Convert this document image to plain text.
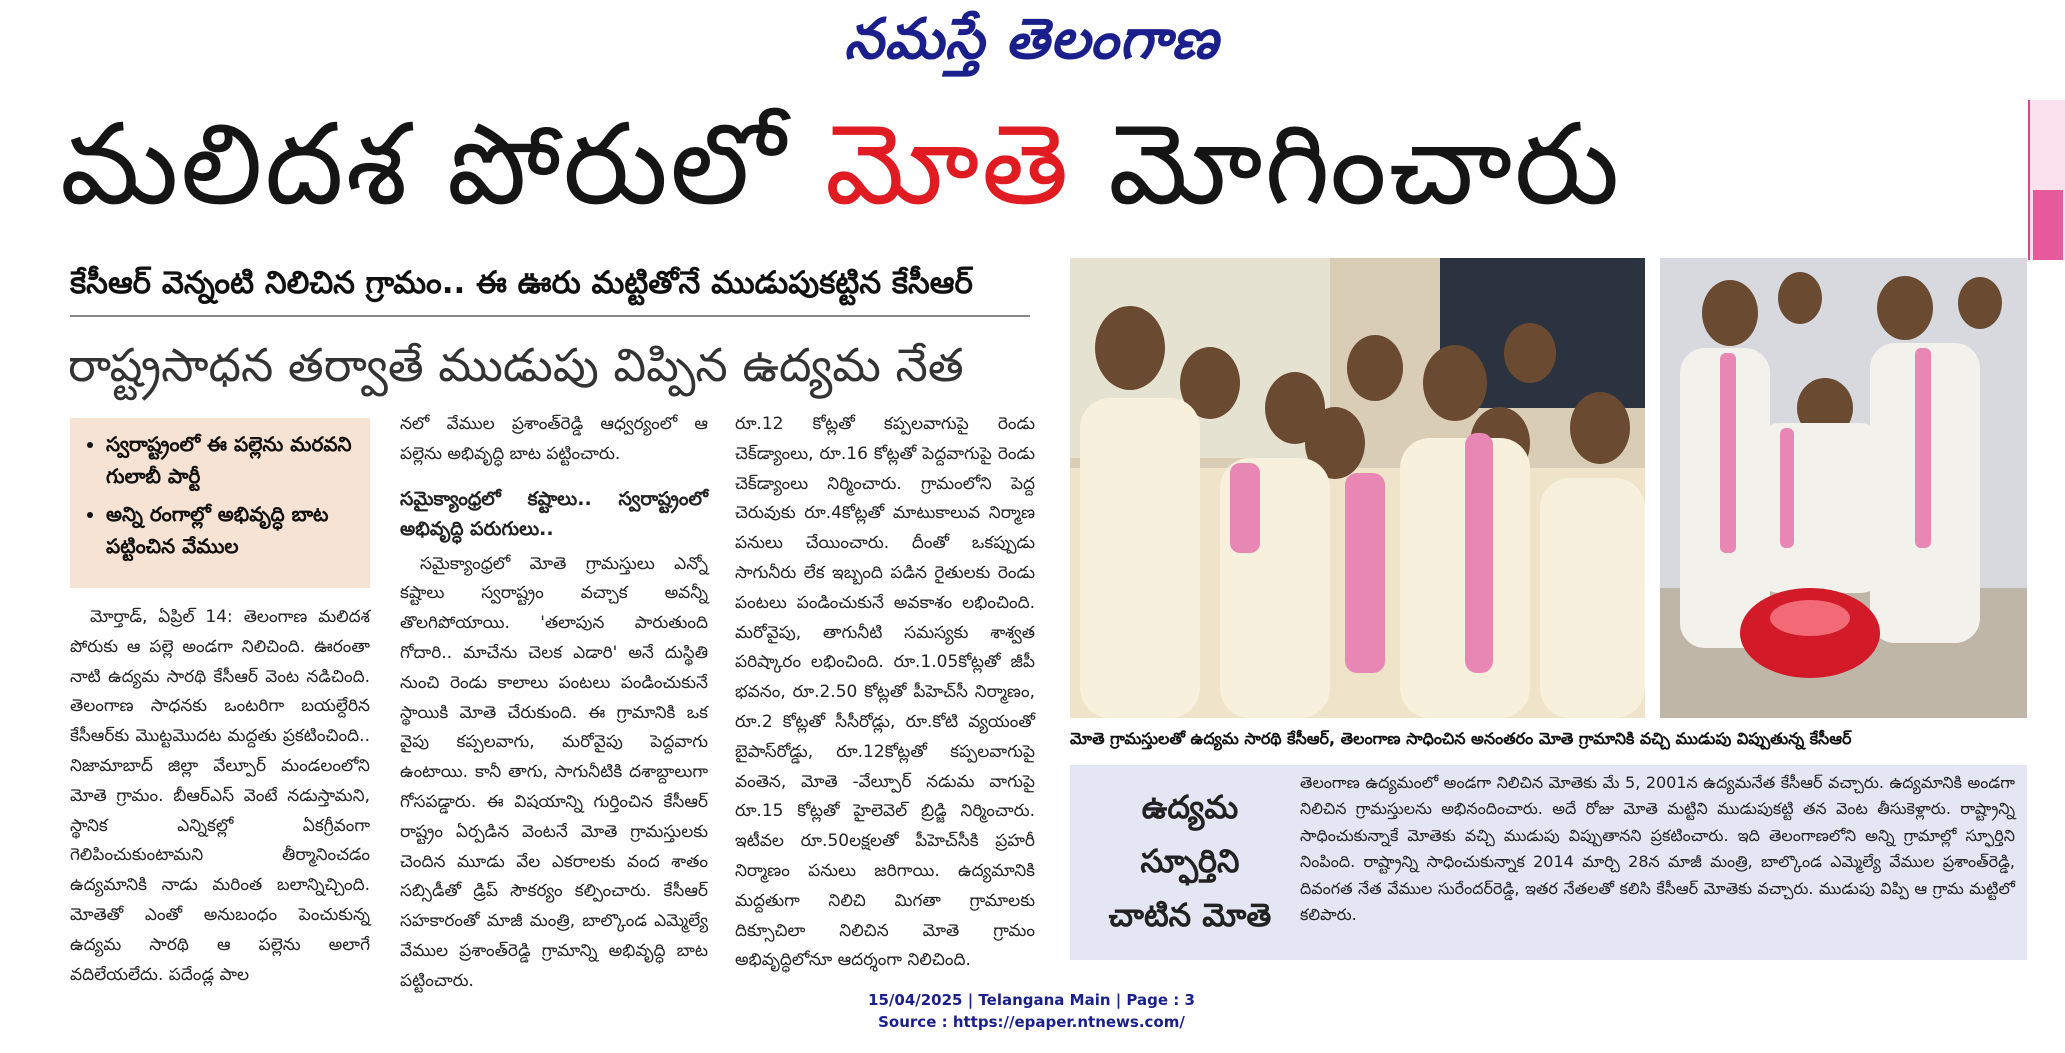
నమస్తే తెలంగాణ
మలిదశ పోరులో మోతె మోగించారు
కేసీఆర్ వెన్నంటి నిలిచిన గ్రామం.. ఈ ఊరు మట్టితోనే ముడుపుకట్టిన కేసీఆర్
రాష్ట్రసాధన తర్వాతే ముడుపు విప్పిన ఉద్యమ నేత
• స్వరాష్ట్రంలో ఈ పల్లెను మరవని గులాబీ పార్టీ
• అన్ని రంగాల్లో అభివృద్ధి బాట పట్టించిన వేముల

మోర్తాడ్, ఏప్రిల్ 14: తెలంగాణ మలిదశ పోరుకు ఆ పల్లె అండగా నిలిచింది. ఊరంతా నాటి ఉద్యమ సారథి కేసీఆర్ వెంట నడిచింది. తెలంగాణ సాధనకు ఒంటరిగా బయల్దేరిన కేసీఆర్‌కు మొట్టమొదట మద్దతు ప్రకటించింది.. నిజామాబాద్ జిల్లా వేల్పూర్ మండలంలోని మోతె గ్రామం. బీఆర్ఎస్ వెంటే నడుస్తామని, స్థానిక ఎన్నికల్లో ఏకగ్రీవంగా గెలిపించుకుంటామని తీర్మానించడం ఉద్యమానికి నాడు మరింత బలాన్నిచ్చింది. మోతెతో ఎంతో అనుబంధం పెంచుకున్న ఉద్యమ సారథి ఆ పల్లెను అలాగే వదిలేయలేదు. పదేండ్ల పాల

నలో వేముల ప్రశాంత్‌రెడ్డి ఆధ్వర్యంలో ఆ పల్లెను అభివృద్ధి బాట పట్టించారు.

సమైక్యాంధ్రలో కష్టాలు.. స్వరాష్ట్రంలో అభివృద్ధి పరుగులు..

సమైక్యాంధ్రలో మోతె గ్రామస్తులు ఎన్నో కష్టాలు స్వరాష్ట్రం వచ్చాక అవన్నీ తొలగిపోయాయి. 'తలాపున పారుతుంది గోదారి.. మాచేను చెలక ఎడారి' అనే దుస్థితి నుంచి రెండు కాలాలు పంటలు పండించుకునే స్థాయికి మోతె చేరుకుంది. ఈ గ్రామానికి ఒక వైపు కప్పలవాగు, మరోవైపు పెద్దవాగు ఉంటాయి. కానీ తాగు, సాగునీటికి దశాబ్దాలుగా గోసపడ్డారు. ఈ విషయాన్ని గుర్తించిన కేసీఆర్ రాష్ట్రం ఏర్పడిన వెంటనే మోతె గ్రామస్తులకు చెందిన మూడు వేల ఎకరాలకు వంద శాతం సబ్సిడీతో డ్రిప్ సౌకర్యం కల్పించారు. కేసీఆర్ సహకారంతో మాజీ మంత్రి, బాల్కొండ ఎమ్మెల్యే వేముల ప్రశాంత్‌రెడ్డి గ్రామాన్ని అభివృద్ధి బాట పట్టించారు.

రూ.12 కోట్లతో కప్పలవాగుపై రెండు చెక్‌డ్యాంలు, రూ.16 కోట్లతో పెద్దవాగుపై రెండు చెక్‌డ్యాంలు నిర్మించారు. గ్రామంలోని పెద్ద చెరువుకు రూ.4కోట్లతో మాటుకాలువ నిర్మాణ పనులు చేయించారు. దీంతో ఒకప్పుడు సాగునీరు లేక ఇబ్బంది పడిన రైతులకు రెండు పంటలు పండించుకునే అవకాశం లభించింది. మరోవైపు, తాగునీటి సమస్యకు శాశ్వత పరిష్కారం లభించింది. రూ.1.05కోట్లతో జీపీ భవనం, రూ.2.50 కోట్లతో పీహెచ్‌సీ నిర్మాణం, రూ.2 కోట్లతో సీసీరోడ్లు, రూ.కోటి వ్యయంతో బైపాస్‌రోడ్డు, రూ.12కోట్లతో కప్పలవాగుపై వంతెన, మోతె -వేల్పూర్ నడుమ వాగుపై రూ.15 కోట్లతో హైలెవెల్ బ్రిడ్జి నిర్మించారు. ఇటీవల రూ.50లక్షలతో పీహెచ్‌సీకి ప్రహరీ నిర్మాణం పనులు జరిగాయి. ఉద్యమానికి మద్దతుగా నిలిచి మిగతా గ్రామాలకు దిక్సూచిలా నిలిచిన మోతె గ్రామం అభివృద్ధిలోనూ ఆదర్శంగా నిలిచింది.

మోతె గ్రామస్తులతో ఉద్యమ సారథి కేసీఆర్, తెలంగాణ సాధించిన అనంతరం మోతె గ్రామానికి వచ్చి ముడుపు విప్పుతున్న కేసీఆర్
ఉద్యమ
స్ఫూర్తిని
చాటిన మోతె
తెలంగాణ ఉద్యమంలో అండగా నిలిచిన మోతెకు మే 5, 2001న ఉద్యమనేత కేసీఆర్ వచ్చారు. ఉద్యమానికి అండగా నిలిచిన గ్రామస్తులను అభినందించారు. అదే రోజు మోతె మట్టిని ముడుపుకట్టి తన వెంట తీసుకెళ్లారు. రాష్ట్రాన్ని సాధించుకున్నాకే మోతెకు వచ్చి ముడుపు విప్పుతానని ప్రకటించారు. ఇది తెలంగాణలోని అన్ని గ్రామాల్లో స్ఫూర్తిని నింపింది. రాష్ట్రాన్ని సాధించుకున్నాక 2014 మార్చి 28న మాజీ మంత్రి, బాల్కొండ ఎమ్మెల్యే వేముల ప్రశాంత్‌రెడ్డి, దివంగత నేత వేముల సురేందర్‌రెడ్డి, ఇతర నేతలతో కలిసి కేసీఆర్ మోతెకు వచ్చారు. ముడుపు విప్పి ఆ గ్రామ మట్టిలో కలిపారు.
15/04/2025 | Telangana Main | Page : 3
Source : https://epaper.ntnews.com/
